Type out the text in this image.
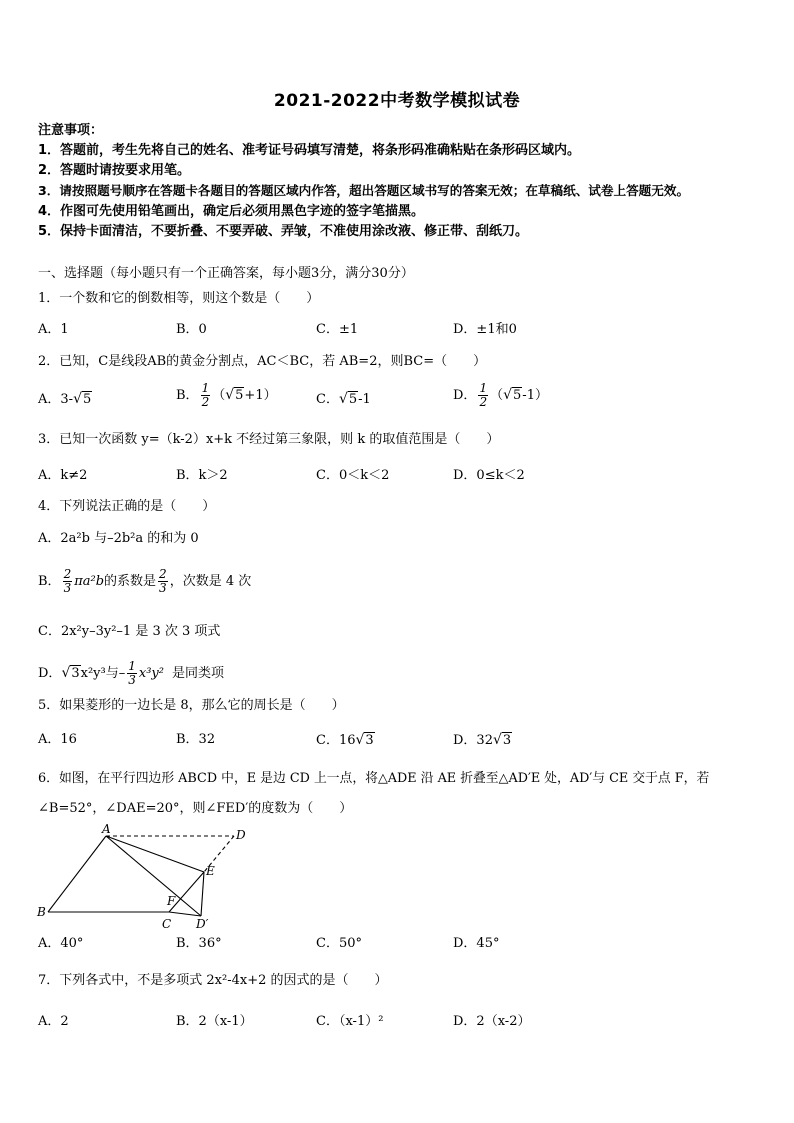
2021-2022中考数学模拟试卷
注意事项：
1．答题前，考生先将自己的姓名、准考证号码填写清楚，将条形码准确粘贴在条形码区域内。
2．答题时请按要求用笔。
3．请按照题号顺序在答题卡各题目的答题区域内作答，超出答题区域书写的答案无效；在草稿纸、试卷上答题无效。
4．作图可先使用铅笔画出，确定后必须用黑色字迹的签字笔描黑。
5．保持卡面清洁，不要折叠、不要弄破、弄皱，不准使用涂改液、修正带、刮纸刀。
一、选择题（每小题只有一个正确答案，每小题3分，满分30分）
1．一个数和它的倒数相等，则这个数是（　　）
A．1	B．0	C．±1	D．±1和0
2．已知，C是线段AB的黄金分割点，AC＜BC，若 AB=2，则BC=（　　）
A．3-√5	B． $\frac{1}{2} (√5+1)$	C．√5-1	D． $\frac{1}{2} (√5-1)$
3．已知一次函数 y=（k-2）x+k 不经过第三象限，则 k 的取值范围是（　　）
A．k≠2	B．k＞2	C．0＜k＜2	D．0≤k＜2
4．下列说法正确的是（　　）
A．2a²b 与–2b²a 的和为 0
B． $\frac{2}{3} \pi a^2b$的系数是 $\frac{2}{3}$ ，次数是 4 次
C．2x²y–3y²–1 是 3 次 3 项式
D．√3x²y³与– $\frac{1}{3} x^3y^2$ 是同类项
5．如果菱形的一边长是 8，那么它的周长是（　　）
A．16	B．32	C．16√3	D．32√3
6．如图，在平行四边形 ABCD 中，E 是边 CD 上一点，将△ADE 沿 AE 折叠至△AD′E 处，AD′与 CE 交于点 F，若
∠B=52°，∠DAE=20°，则∠FED′的度数为（　　）
A	D
E
F
B
C D′
A．40°	B．36°	C．50°	D．45°
7．下列各式中，不是多项式 2x²-4x+2 的因式的是（　　）
A．2	B．2（x-1）	C．（x-1）²	D．2（x-2）
